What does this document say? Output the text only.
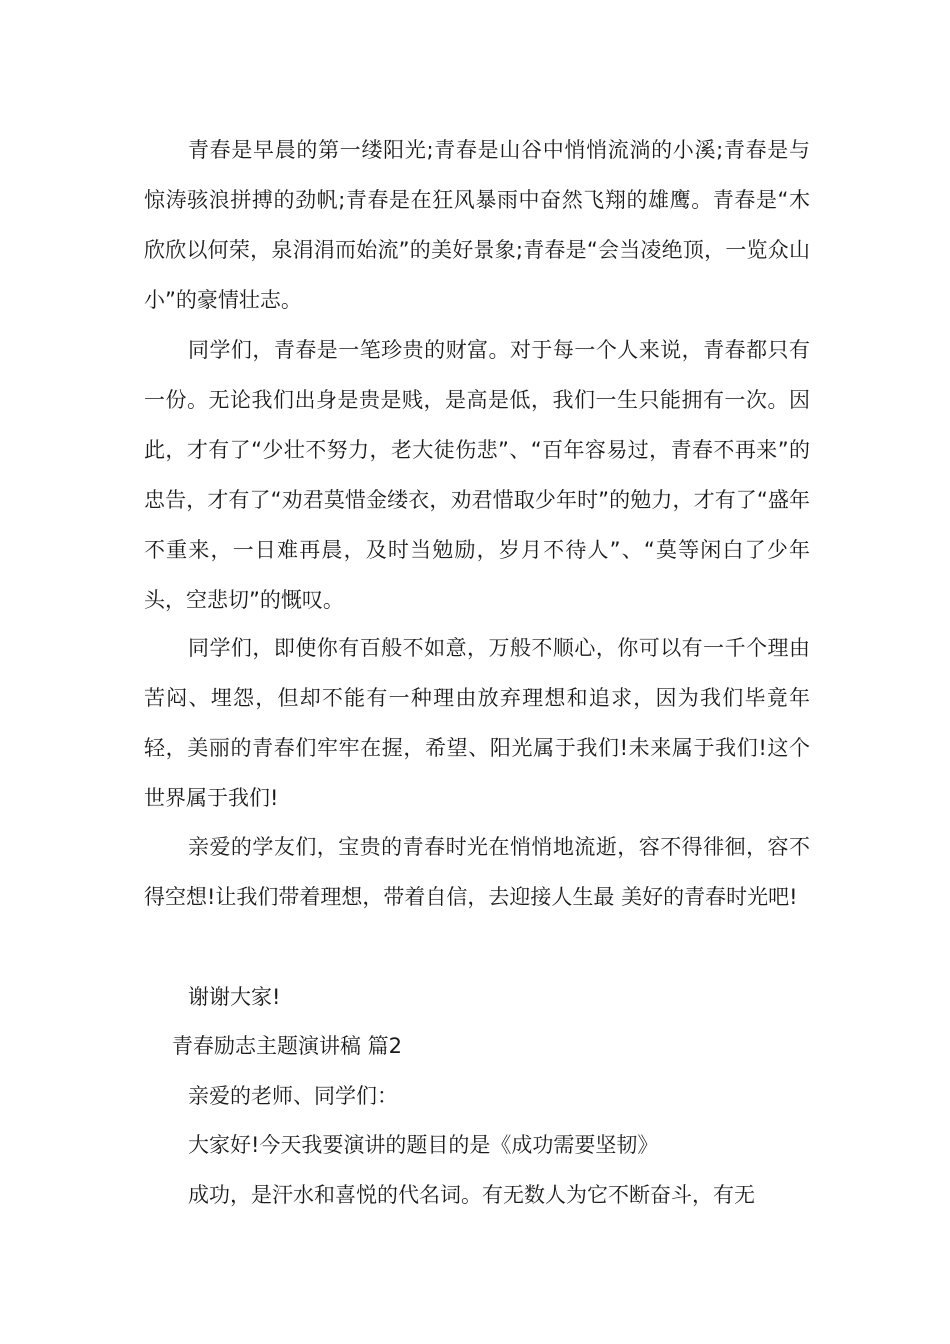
青春是早晨的第一缕阳光;青春是山谷中悄悄流淌的小溪;青春是与惊涛骇浪拼搏的劲帆;青春是在狂风暴雨中奋然飞翔的雄鹰。青春是“木欣欣以何荣，泉涓涓而始流”的美好景象;青春是“会当凌绝顶，一览众山小”的豪情壮志。

同学们，青春是一笔珍贵的财富。对于每一个人来说，青春都只有一份。无论我们出身是贵是贱，是高是低，我们一生只能拥有一次。因此，才有了“少壮不努力，老大徒伤悲”、“百年容易过，青春不再来”的忠告，才有了“劝君莫惜金缕衣，劝君惜取少年时”的勉力，才有了“盛年不重来，一日难再晨，及时当勉励，岁月不待人”、“莫等闲白了少年头，空悲切”的慨叹。

同学们，即使你有百般不如意，万般不顺心，你可以有一千个理由苦闷、埋怨，但却不能有一种理由放弃理想和追求，因为我们毕竟年轻，美丽的青春们牢牢在握，希望、阳光属于我们!未来属于我们!这个世界属于我们!

亲爱的学友们，宝贵的青春时光在悄悄地流逝，容不得徘徊，容不得空想!让我们带着理想，带着自信，去迎接人生最 美好的青春时光吧!

谢谢大家!
青春励志主题演讲稿 篇2
亲爱的老师、同学们：
大家好!今天我要演讲的题目的是《成功需要坚韧》
成功，是汗水和喜悦的代名词。有无数人为它不断奋斗，有无
